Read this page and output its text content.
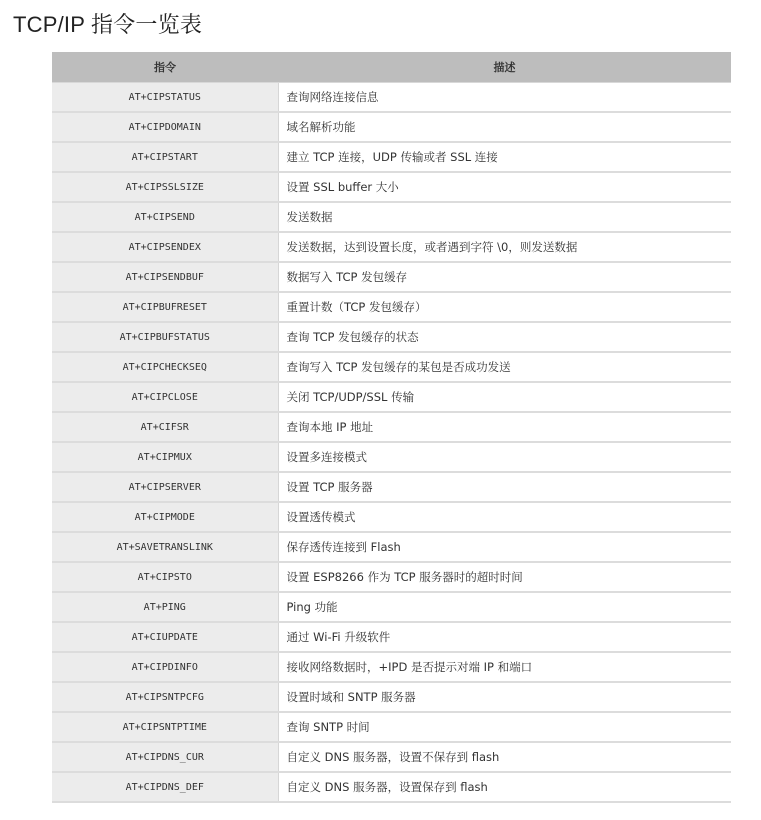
TCP/IP 指令一览表
指令	描述
AT+CIPSTATUS	查询网络连接信息
AT+CIPDOMAIN	域名解析功能
AT+CIPSTART	建立 TCP 连接，UDP 传输或者 SSL 连接
AT+CIPSSLSIZE	设置 SSL buffer 大小
AT+CIPSEND	发送数据
AT+CIPSENDEX	发送数据，达到设置长度，或者遇到字符 \0，则发送数据
AT+CIPSENDBUF	数据写入 TCP 发包缓存
AT+CIPBUFRESET	重置计数（TCP 发包缓存）
AT+CIPBUFSTATUS	查询 TCP 发包缓存的状态
AT+CIPCHECKSEQ	查询写入 TCP 发包缓存的某包是否成功发送
AT+CIPCLOSE	关闭 TCP/UDP/SSL 传输
AT+CIFSR	查询本地 IP 地址
AT+CIPMUX	设置多连接模式
AT+CIPSERVER	设置 TCP 服务器
AT+CIPMODE	设置透传模式
AT+SAVETRANSLINK	保存透传连接到 Flash
AT+CIPSTO	设置 ESP8266 作为 TCP 服务器时的超时时间
AT+PING	Ping 功能
AT+CIUPDATE	通过 Wi-Fi 升级软件
AT+CIPDINFO	接收网络数据时，+IPD 是否提示对端 IP 和端口
AT+CIPSNTPCFG	设置时域和 SNTP 服务器
AT+CIPSNTPTIME	查询 SNTP 时间
AT+CIPDNS_CUR	自定义 DNS 服务器，设置不保存到 flash
AT+CIPDNS_DEF	自定义 DNS 服务器，设置保存到 flash
